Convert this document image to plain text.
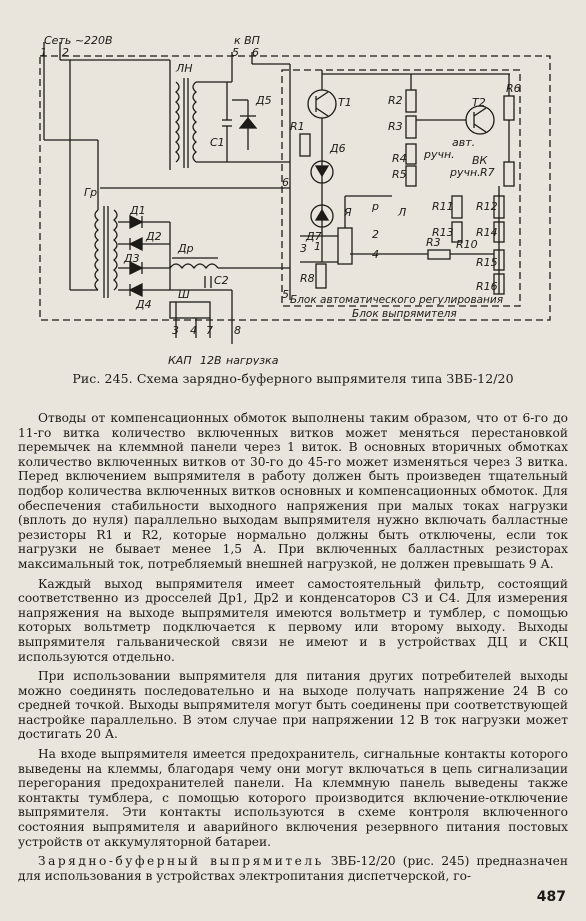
Сеть ~220В	к ВП
1 2	5 6
ЛН
Гр
Т1	Т2
Д1
Д2
Д3
Д4
Д5
Д6
Д7
Др
С1
С2
Ш
R1
R2
R3
R4
R5
R6
R7
R8
R11 R12
R13 R14
R15
R16
R3 R10
авт.
ручн.
ручн.
ВК
Л
Я р
1
2
3	4
5
6
3 4 7 8
КАП 12В нагрузка
Блок автоматического регулирования
Блок выпрямителя
Рис. 245. Схема зарядно-буферного выпрямителя типа ЗВБ-12/20

Отводы от компенсационных обмоток выполнены таким образом, что от 6-го до 11-го витка количество включенных витков может меняться перестановкой перемычек на клеммной панели через 1 виток. В основных вторичных обмотках количество включенных витков от 30-го до 45-го может изменяться через 3 витка. Перед включением выпрямителя в работу должен быть произведен тщательный подбор количества включенных витков основных и компенсационных обмоток. Для обеспечения стабильности выходного напряжения при малых токах нагрузки (вплоть до нуля) параллельно выходам выпрямителя нужно включать балластные резисторы R1 и R2, которые нормально должны быть отключены, если ток нагрузки не бывает менее 1,5 А. При включенных балластных резисторах максимальный ток, потребляемый внешней нагрузкой, не должен превышать 9 А.

Каждый выход выпрямителя имеет самостоятельный фильтр, состоящий соответственно из дросселей Др1, Др2 и конденсаторов С3 и С4. Для измерения напряжения на выходе выпрямителя имеются вольтметр и тумблер, с помощью которых вольтметр подключается к первому или второму выходу. Выходы выпрямителя гальванической связи не имеют и в устройствах ДЦ и СКЦ используются отдельно.

При использовании выпрямителя для питания других потребителей выходы можно соединять последовательно и на выходе получать напряжение 24 В со средней точкой. Выходы выпрямителя могут быть соединены при соответствующей настройке параллельно. В этом случае при напряжении 12 В ток нагрузки может достигать 20 А.

На входе выпрямителя имеется предохранитель, сигнальные контакты которого выведены на клеммы, благодаря чему они могут включаться в цепь сигнализации перегорания предохранителей панели. На клеммную панель выведены также контакты тумблера, с помощью которого производится включение-отключение выпрямителя. Эти контакты используются в схеме контроля включенного состояния выпрямителя и аварийного включения резервного питания постовых устройств от аккумуляторной батареи.

Зарядно-буферный выпрямитель ЗВБ-12/20 (рис. 245) предназначен для использования в устройствах электропитания диспетчерской, го-

487
